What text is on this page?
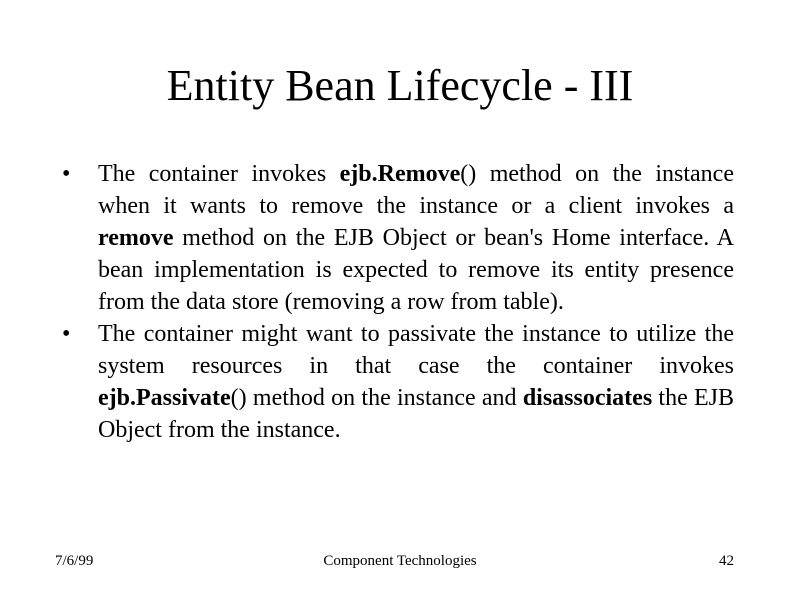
Entity Bean Lifecycle - III
•	The container invokes ejb.Remove() method on the instance when it wants to remove the instance or a client invokes a remove method on the EJB Object or bean's Home interface. A bean implementation is expected to remove its entity presence from the data store (removing a row from table).
•	The container might want to passivate the instance to utilize the system resources in that case the container invokes ejb.Passivate() method on the instance and disassociates the EJB Object from the instance.
7/6/99	Component Technologies	42
